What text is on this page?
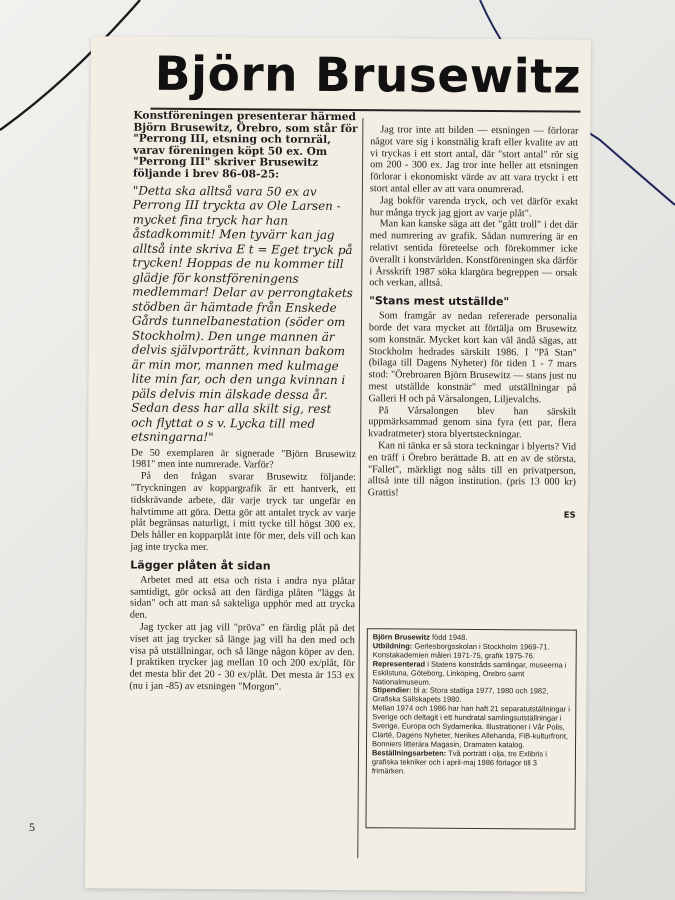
Björn Brusewitz

Konstföreningen presenterar härmed Björn Brusewitz, Örebro, som står för "Perrong III, etsning och tornräl, varav föreningen köpt 50 ex. Om "Perrong III" skriver Brusewitz följande i brev 86-08-25:

"Detta ska alltså vara 50 ex av Perrong III tryckta av Ole Larsen - mycket fina tryck har han åstadkommit! Men tyvärr kan jag alltså inte skriva E t = Eget tryck på trycken! Hoppas de nu kommer till glädje för konstföreningens medlemmar! Delar av perrongtakets stödben är hämtade från Enskede Gårds tunnelbanestation (söder om Stockholm). Den unge mannen är delvis självporträtt, kvinnan bakom är min mor, mannen med kulmage lite min far, och den unga kvinnan i päls delvis min älskade dessa år. Sedan dess har alla skilt sig, rest och flyttat o s v. Lycka till med etsningarna!"

De 50 exemplaren är signerade "Björn Brusewitz 1981" men inte numrerade. Varför?

På den frågan svarar Brusewitz följande: "Tryckningen av koppargrafik är ett hantverk, ett tidskrävande arbete, där varje tryck tar ungefär en halvtimme att göra. Detta gör att antalet tryck av varje plåt begränsas naturligt, i mitt tycke till högst 300 ex. Dels håller en kopparplåt inte för mer, dels vill och kan jag inte trycka mer.

Lägger plåten åt sidan

Arbetet med att etsa och rista i andra nya plåtar samtidigt, gör också att den färdiga plåten "läggs åt sidan" och att man så sakteliga upphör med att trycka den.

Jag tycker att jag vill "pröva" en färdig plåt på det viset att jag trycker så länge jag vill ha den med och visa på utställningar, och så länge någon köper av den. I praktiken trycker jag mellan 10 och 200 ex/plåt, för det mesta blir det 20 - 30 ex/plåt. Det mesta är 153 ex (nu i jan -85) av etsningen "Morgon".

Jag tror inte att bilden — etsningen — förlorar något vare sig i konstnälig kraft eller kvalite av att vi tryckas i ett stort antal, där "stort antal" rör sig om 200 - 300 ex. Jag tror inte heller att etsningen förlorar i ekonomiskt värde av att vara tryckt i ett stort antal eller av att vara onumrerad.

Jag bokför varenda tryck, och vet därför exakt hur många tryck jag gjort av varje plåt".

Man kan kanske säga att det "gått troll" i det där med numrering av grafik. Sådan numrering är en relativt sentida företeelse och förekommer icke överallt i konstvärlden. Konstföreningen ska därför i Årsskrift 1987 söka klargöra begreppen — orsak och verkan, alltså.

"Stans mest utställde"

Som framgår av nedan refererade personalia borde det vara mycket att förtälja om Brusewitz som konstnär. Mycket kort kan väl ändå sägas, att Stockholm hedrades särskilt 1986. I "På Stan" (bilaga till Dagens Nyheter) för tiden 1 - 7 mars stod: "Örebroaren Björn Brusewitz — stans just nu mest utställde konstnär" med utställningar på Galleri H och på Vårsalongen, Liljevalchs.

På Vårsalongen blev han särskilt uppmärksammad genom sina fyra (ett par, flera kvadratmeter) stora blyertsteckningar.

Kan ni tänka er så stora teckningar i blyerts? Vid en träff i Örebro berättade B. att en av de största, "Fallet", märkligt nog sålts till en privatperson, alltså inte till någon institution. (pris 13 000 kr) Grattis!

ES

Björn Brusewitz född 1948.

Utbildning: Gerlesborgsskolan i Stockholm 1969-71. Konstakademien måleri 1971-75, grafik 1975-76.

Representerad i Statens konstråds samlingar, museerna i Eskilstuna, Göteborg, Linköping, Örebro samt Nationalmuseum.

Stipendier: bl a: Stora statliga 1977, 1980 och 1982, Grafiska Sällskapets 1980.

Mellan 1974 och 1986 har han haft 21 separatutställningar i Sverige och deltagit i ett hundratal samlingsutställningar i Sverige, Europa och Sydamerika. Illustrationer i Vår Polis, Clarté, Dagens Nyheter, Nerikes Allehanda, FiB-kulturfront, Bonniers litterära Magasin, Dramaten katalog.

Beställningsarbeten: Två porträtt i olja, tre Exlibris i grafiska tekniker och i april-maj 1986 förlagor till 3 frimärken.

5
